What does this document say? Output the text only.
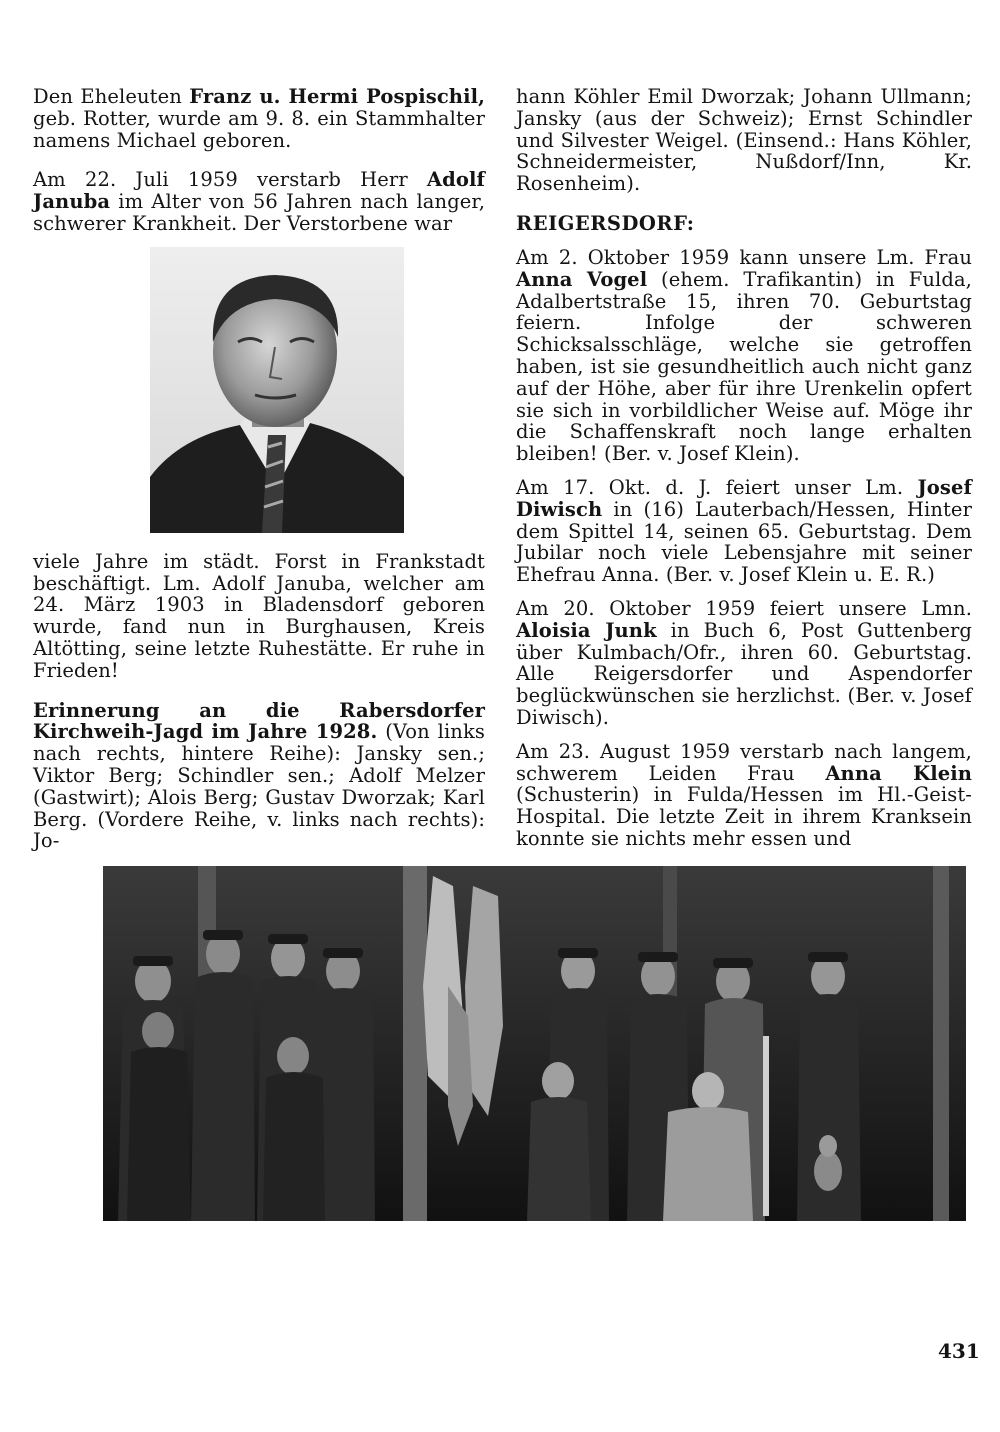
Den Eheleuten Franz u. Hermi Pospischil, geb. Rotter, wurde am 9. 8. ein Stammhalter namens Michael geboren.

Am 22. Juli 1959 verstarb Herr Adolf Januba im Alter von 56 Jahren nach langer, schwerer Krankheit. Der Verstorbene war

viele Jahre im städt. Forst in Frankstadt beschäftigt. Lm. Adolf Januba, welcher am 24. März 1903 in Bladensdorf geboren wurde, fand nun in Burghausen, Kreis Altötting, seine letzte Ruhestätte. Er ruhe in Frieden!

Erinnerung an die Rabersdorfer Kirchweih-Jagd im Jahre 1928. (Von links nach rechts, hintere Reihe): Jansky sen.; Viktor Berg; Schindler sen.; Adolf Melzer (Gastwirt); Alois Berg; Gustav Dworzak; Karl Berg. (Vordere Reihe, v. links nach rechts): Jo-

hann Köhler Emil Dworzak; Johann Ullmann; Jansky (aus der Schweiz); Ernst Schindler und Silvester Weigel. (Einsend.: Hans Köhler, Schneidermeister, Nußdorf/Inn, Kr. Rosenheim).

REIGERSDORF:

Am 2. Oktober 1959 kann unsere Lm. Frau Anna Vogel (ehem. Trafikantin) in Fulda, Adalbertstraße 15, ihren 70. Geburtstag feiern. Infolge der schweren Schicksalsschläge, welche sie getroffen haben, ist sie gesundheitlich auch nicht ganz auf der Höhe, aber für ihre Urenkelin opfert sie sich in vorbildlicher Weise auf. Möge ihr die Schaffenskraft noch lange erhalten bleiben! (Ber. v. Josef Klein).

Am 17. Okt. d. J. feiert unser Lm. Josef Diwisch in (16) Lauterbach/Hessen, Hinter dem Spittel 14, seinen 65. Geburtstag. Dem Jubilar noch viele Lebensjahre mit seiner Ehefrau Anna. (Ber. v. Josef Klein u. E. R.)

Am 20. Oktober 1959 feiert unsere Lmn. Aloisia Junk in Buch 6, Post Guttenberg über Kulmbach/Ofr., ihren 60. Geburtstag. Alle Reigersdorfer und Aspendorfer beglückwünschen sie herzlichst. (Ber. v. Josef Diwisch).

Am 23. August 1959 verstarb nach langem, schwerem Leiden Frau Anna Klein (Schusterin) in Fulda/Hessen im Hl.-Geist-Hospital. Die letzte Zeit in ihrem Kranksein konnte sie nichts mehr essen und

431
